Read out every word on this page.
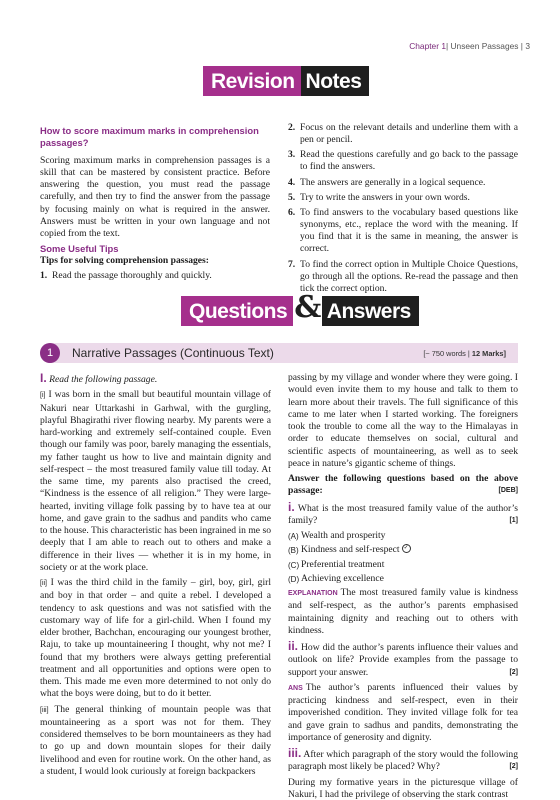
Chapter 1| Unseen Passages | 3
Revision Notes
How to score maximum marks in comprehension passages?

Scoring maximum marks in comprehension passages is a skill that can be mastered by consistent practice. Before answering the question, you must read the passage carefully, and then try to find the answer from the passage by focusing mainly on what is required in the answer. Answers must be written in your own language and not copied from the text.

Some Useful Tips

Tips for solving comprehension passages:

1. Read the passage thoroughly and quickly.
2. Focus on the relevant details and underline them with a pen or pencil.
3. Read the questions carefully and go back to the passage to find the answers.
4. The answers are generally in a logical sequence.
5. Try to write the answers in your own words.
6. To find answers to the vocabulary based questions like synonyms, etc., replace the word with the meaning. If you find that it is the same in meaning, the answer is correct.
7. To find the correct option in Multiple Choice Questions, go through all the options. Re-read the passage and then tick the correct option.
Questions & Answers
1	Narrative Passages (Continuous Text)	[~ 750 words | 12 Marks]

I. Read the following passage.

[i] I was born in the small but beautiful mountain village of Nakuri near Uttarkashi in Garhwal, with the gurgling, playful Bhagirathi river flowing nearby. My parents were a hard-working and extremely self-contained couple. Even though our family was poor, barely managing the essentials, my father taught us how to live and maintain dignity and self-respect – the most treasured family value till today. At the same time, my parents also practised the creed, “Kindness is the essence of all religion.” They were large-hearted, inviting village folk passing by to have tea at our home, and gave grain to the sadhus and pandits who came to the house. This characteristic has been ingrained in me so deeply that I am able to reach out to others and make a difference in their lives — whether it is in my home, in society or at the work place.

[ii] I was the third child in the family – girl, boy, girl, girl and boy in that order – and quite a rebel. I developed a tendency to ask questions and was not satisfied with the customary way of life for a girl-child. When I found my elder brother, Bachchan, encouraging our youngest brother, Raju, to take up mountaineering I thought, why not me? I found that my brothers were always getting preferential treatment and all opportunities and options were open to them. This made me even more determined to not only do what the boys were doing, but to do it better.

[iii] The general thinking of mountain people was that mountaineering as a sport was not for them. They considered themselves to be born mountaineers as they had to go up and down mountain slopes for their daily livelihood and even for routine work. On the other hand, as a student, I would look curiously at foreign backpackers

passing by my village and wonder where they were going. I would even invite them to my house and talk to them to learn more about their travels. The full significance of this came to me later when I started working. The foreigners took the trouble to come all the way to the Himalayas in order to educate themselves on social, cultural and scientific aspects of mountaineering, as well as to seek peace in nature’s gigantic scheme of things.

Answer the following questions based on the above passage:	[DEB]

i. What is the most treasured family value of the author’s family?	[1]

(A) Wealth and prosperity
(B) Kindness and self-respect ✓
(C) Preferential treatment
(D) Achieving excellence

EXPLANATION The most treasured family value is kindness and self-respect, as the author’s parents emphasised maintaining dignity and reaching out to others with kindness.

ii. How did the author’s parents influence their values and outlook on life? Provide examples from the passage to support your answer.	[2]

ANS The author’s parents influenced their values by practicing kindness and self-respect, even in their impoverished condition. They invited village folk for tea and gave grain to sadhus and pandits, demonstrating the importance of generosity and dignity.

iii. After which paragraph of the story would the following paragraph most likely be placed? Why?	[2]

During my formative years in the picturesque village of Nakuri, I had the privilege of observing the stark contrast
